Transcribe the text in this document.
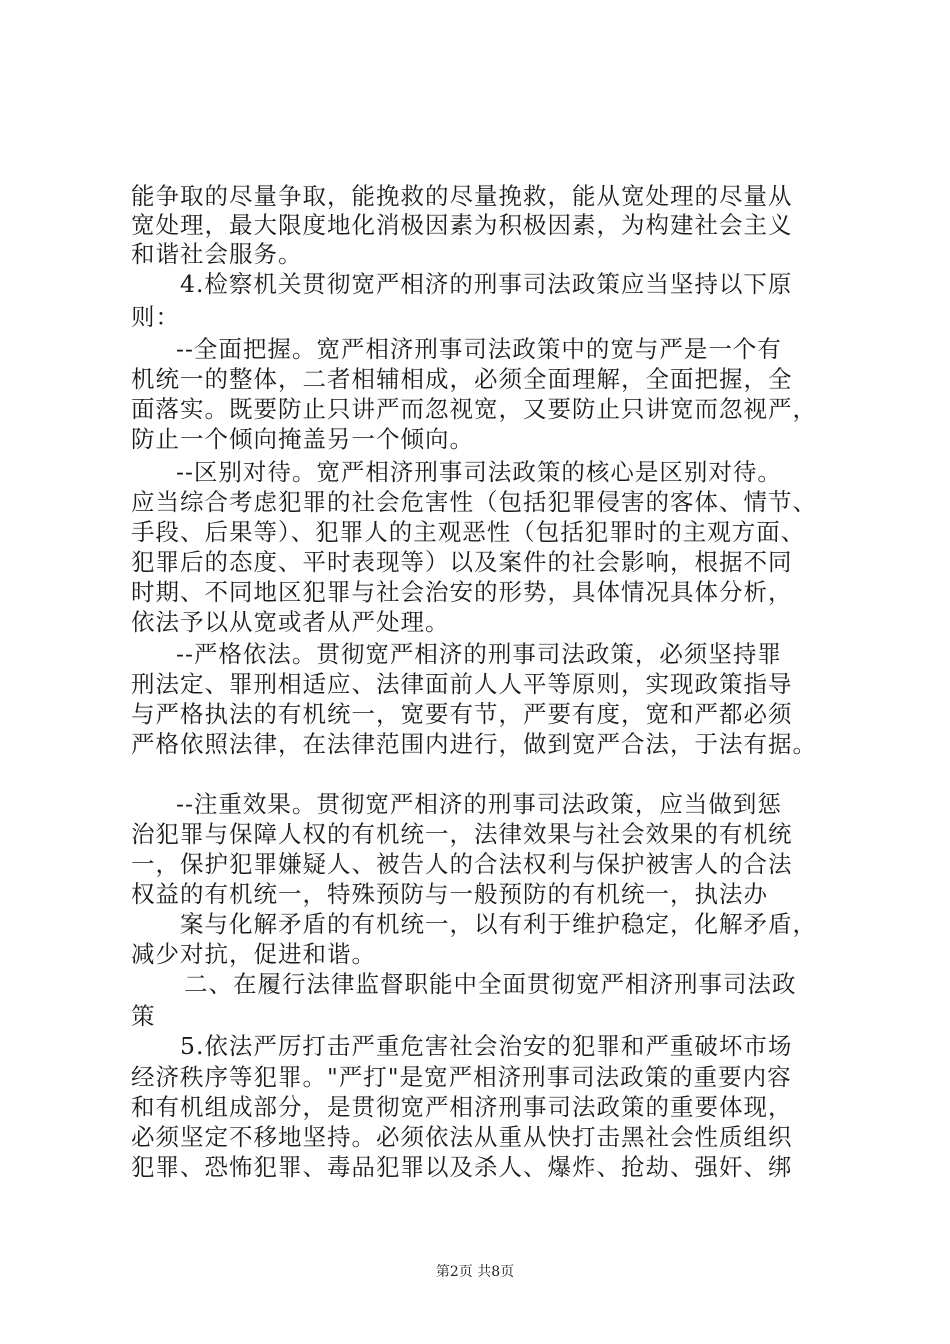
能争取的尽量争取，能挽救的尽量挽救，能从宽处理的尽量从
宽处理，最大限度地化消极因素为积极因素，为构建社会主义
和谐社会服务。
4.检察机关贯彻宽严相济的刑事司法政策应当坚持以下原
则：
--全面把握。宽严相济刑事司法政策中的宽与严是一个有
机统一的整体，二者相辅相成，必须全面理解，全面把握，全
面落实。既要防止只讲严而忽视宽，又要防止只讲宽而忽视严，
防止一个倾向掩盖另一个倾向。
--区别对待。宽严相济刑事司法政策的核心是区别对待。
应当综合考虑犯罪的社会危害性（包括犯罪侵害的客体、情节、
手段、后果等）、犯罪人的主观恶性（包括犯罪时的主观方面、
犯罪后的态度、平时表现等）以及案件的社会影响，根据不同
时期、不同地区犯罪与社会治安的形势，具体情况具体分析，
依法予以从宽或者从严处理。
--严格依法。贯彻宽严相济的刑事司法政策，必须坚持罪
刑法定、罪刑相适应、法律面前人人平等原则，实现政策指导
与严格执法的有机统一，宽要有节，严要有度，宽和严都必须
严格依照法律，在法律范围内进行，做到宽严合法，于法有据。
--注重效果。贯彻宽严相济的刑事司法政策，应当做到惩
治犯罪与保障人权的有机统一，法律效果与社会效果的有机统
一，保护犯罪嫌疑人、被告人的合法权利与保护被害人的合法
权益的有机统一，特殊预防与一般预防的有机统一，执法办
案与化解矛盾的有机统一，以有利于维护稳定，化解矛盾，
减少对抗，促进和谐。
二、在履行法律监督职能中全面贯彻宽严相济刑事司法政
策
5.依法严厉打击严重危害社会治安的犯罪和严重破坏市场
经济秩序等犯罪。"严打"是宽严相济刑事司法政策的重要内容
和有机组成部分，是贯彻宽严相济刑事司法政策的重要体现，
必须坚定不移地坚持。必须依法从重从快打击黑社会性质组织
犯罪、恐怖犯罪、毒品犯罪以及杀人、爆炸、抢劫、强奸、绑
第2页 共8页
